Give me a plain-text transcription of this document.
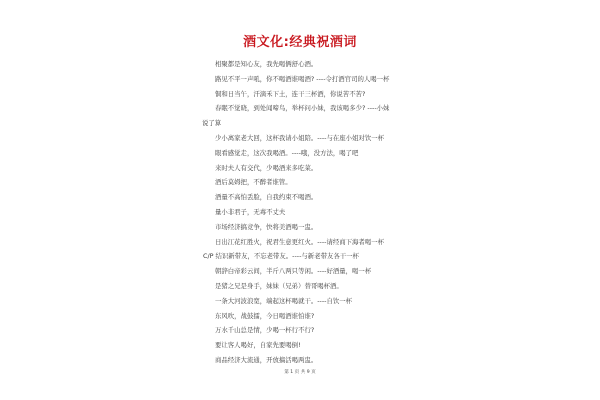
酒文化:经典祝酒词
相聚都是知心友，我先喝俩舒心酒。
路见不平一声吼，你不喝酒谁喝酒? ----令打酒官司的人喝一杯
铜和日当午，汗滴禾下土，连干三杯酒，你说苦不苦?
春眠不觉晓，到处闻啼鸟，举杯问小妹，我该喝多少? ----小妹
说了算
少小离家老大回，这杯我请小姐陪。----与在座小姐对饮一杯
眼看感觉走，这次我喝酒。----哦，没方法，喝了吧
来时夫人有交代，少喝酒来多吃菜。
酒后莫姆把，不醉者谁管。
酒量不高怕丢脸，自我约束不喝酒。
量小非君子，无毒不丈夫
市场经济搞竞争，快将美酒喝一盅。
日出江花红胜火，祝君生意更红火。----请经商下海者喝一杯
C/P 结识新带友，不忘老带友。----与新老带友各干一杯
朝辞白帝彩云间，半斤八两只等闲。----好酒量，喝一杯
是猪之兄是身手，妹妹（兄弟）替哥喝杯酒。
一条大河波浪宽，端起这杯喝就干。----自饮一杯
东风吹，战鼓擂，今日喝酒谁怕谁?
万水千山总是情，少喝一杯行不行?
要让客人喝好，自家先要喝倒!
商品经济大流通，开放搞活喝两盅。
第 1 页 共 9 页
